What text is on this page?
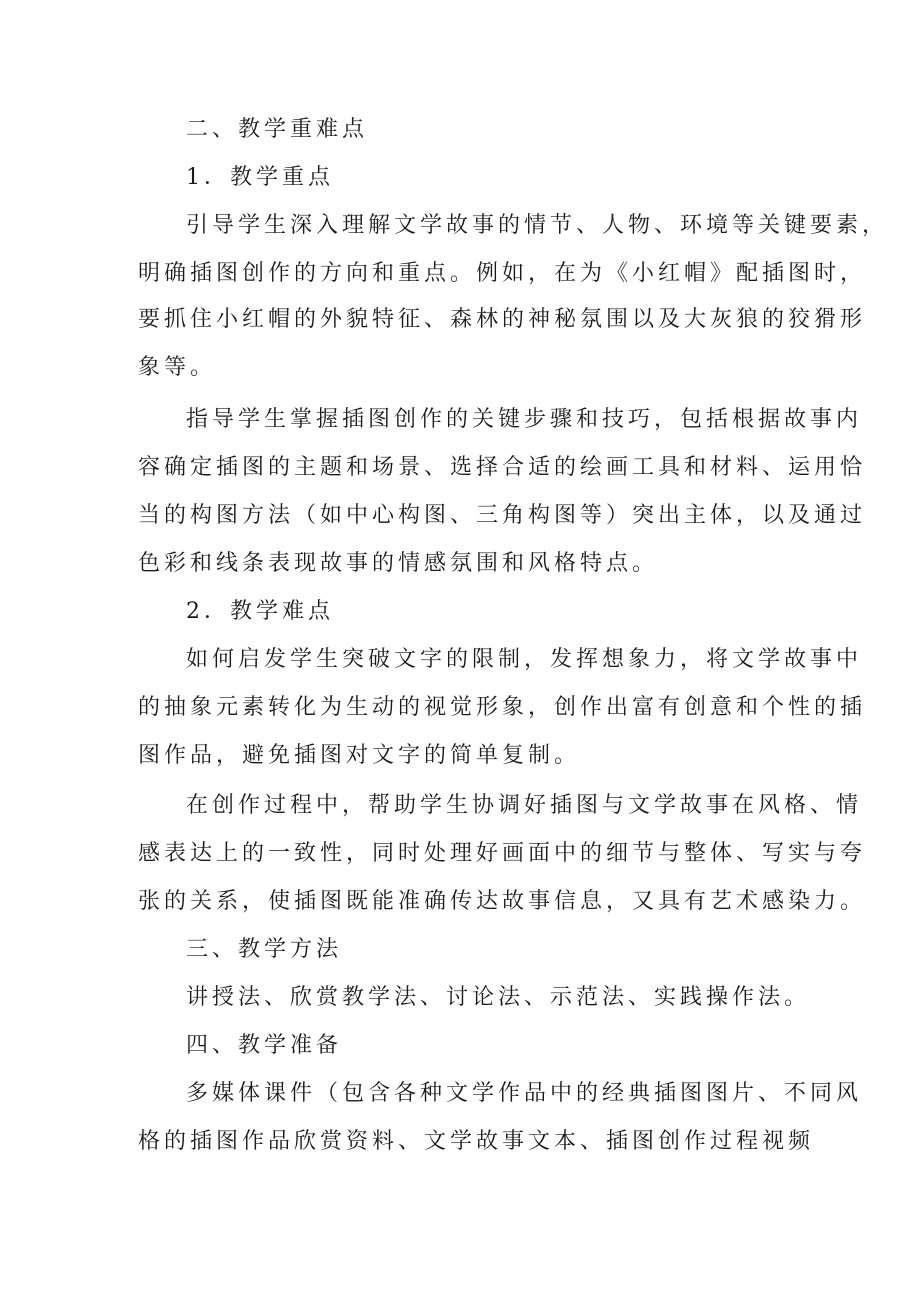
二、教学重难点
1．教学重点
引导学生深入理解文学故事的情节、人物、环境等关键要素，
明确插图创作的方向和重点。例如，在为《小红帽》配插图时，
要抓住小红帽的外貌特征、森林的神秘氛围以及大灰狼的狡猾形
象等。
指导学生掌握插图创作的关键步骤和技巧，包括根据故事内
容确定插图的主题和场景、选择合适的绘画工具和材料、运用恰
当的构图方法（如中心构图、三角构图等）突出主体，以及通过
色彩和线条表现故事的情感氛围和风格特点。
2．教学难点
如何启发学生突破文字的限制，发挥想象力，将文学故事中
的抽象元素转化为生动的视觉形象，创作出富有创意和个性的插
图作品，避免插图对文字的简单复制。
在创作过程中，帮助学生协调好插图与文学故事在风格、情
感表达上的一致性，同时处理好画面中的细节与整体、写实与夸
张的关系，使插图既能准确传达故事信息，又具有艺术感染力。
三、教学方法
讲授法、欣赏教学法、讨论法、示范法、实践操作法。
四、教学准备
多媒体课件（包含各种文学作品中的经典插图图片、不同风
格的插图作品欣赏资料、文学故事文本、插图创作过程视频
